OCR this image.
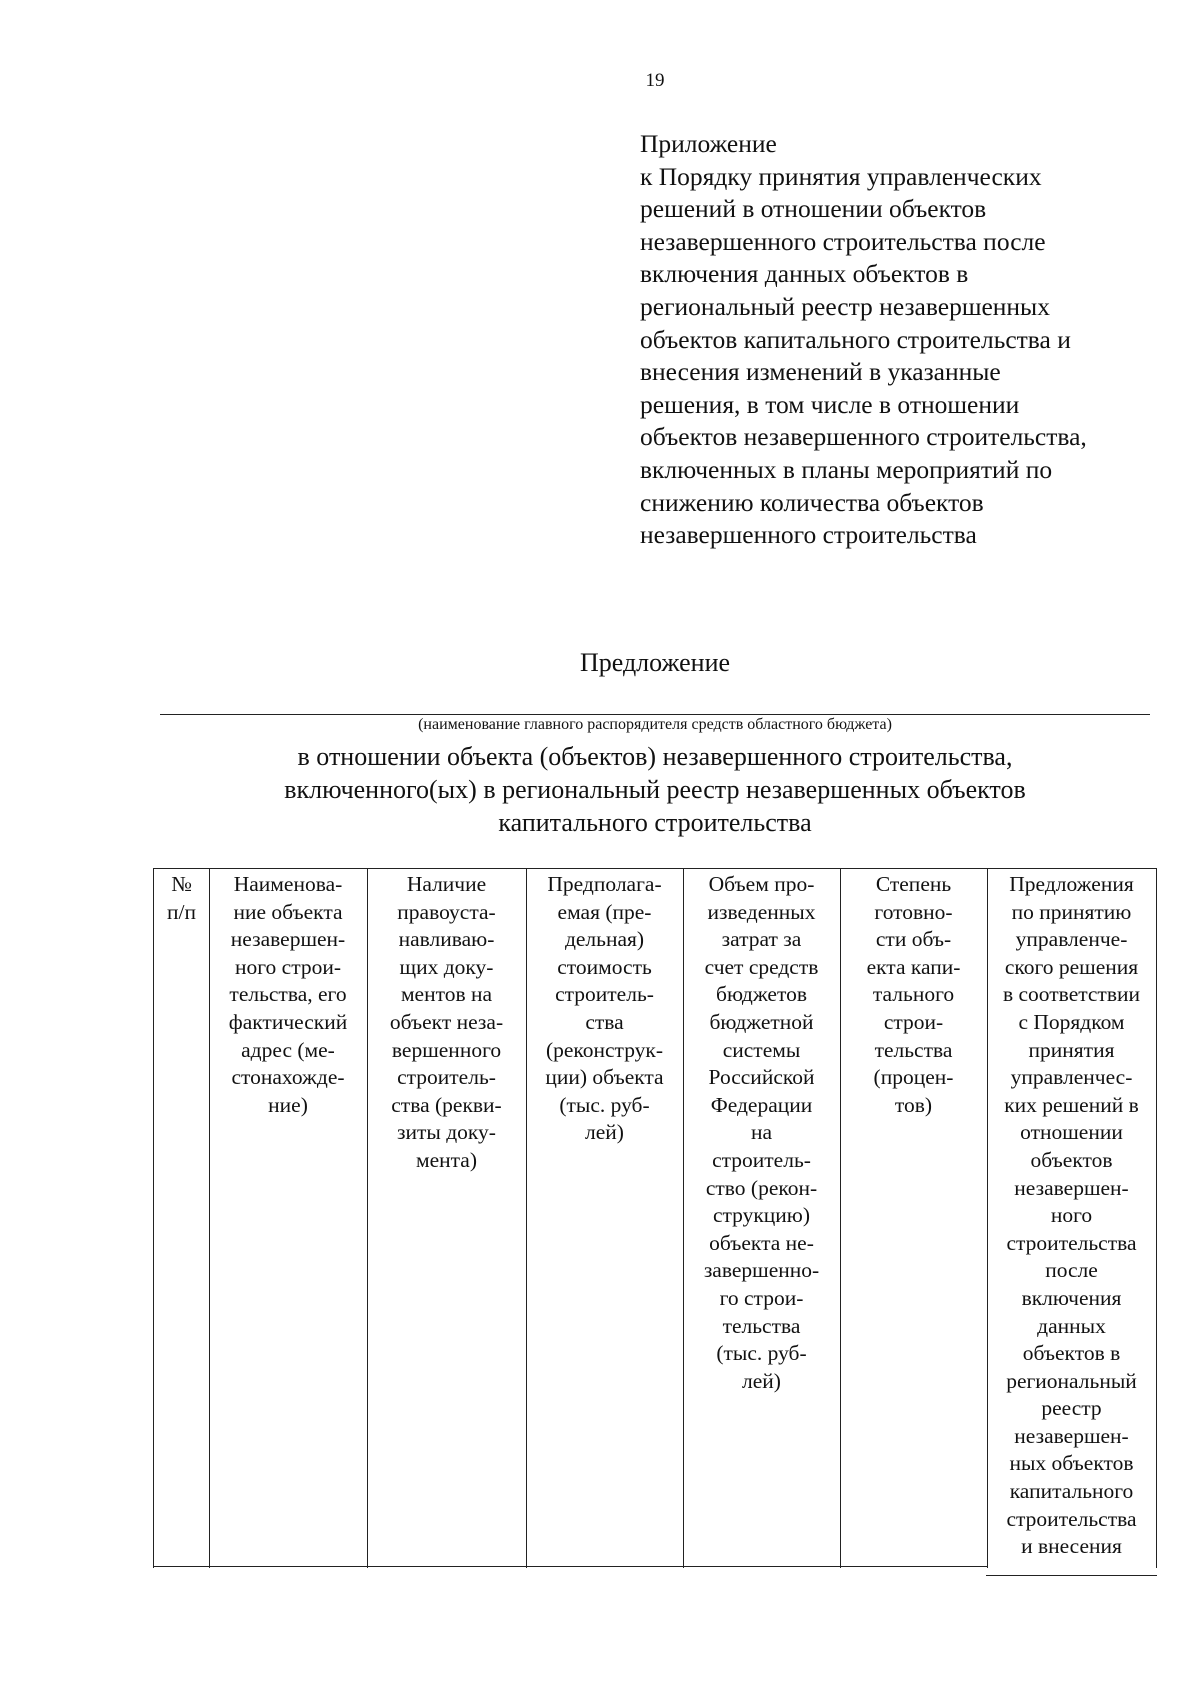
19
Приложение
к Порядку принятия управленческих
решений в отношении объектов
незавершенного строительства после
включения данных объектов в
региональный реестр незавершенных
объектов капитального строительства и
внесения изменений в указанные
решения, в том числе в отношении
объектов незавершенного строительства,
включенных в планы мероприятий по
снижению количества объектов
незавершенного строительства
Предложение
(наименование главного распорядителя средств областного бюджета)
в отношении объекта (объектов) незавершенного строительства,
включенного(ых) в региональный реестр незавершенных объектов
капитального строительства
№
п/п
Наименова-
ние объекта
незавершен-
ного строи-
тельства, его
фактический
адрес (ме-
стонахожде-
ние)
Наличие
правоуста-
навливаю-
щих доку-
ментов на
объект неза-
вершенного
строитель-
ства (рекви-
зиты доку-
мента)
Предполага-
емая (пре-
дельная)
стоимость
строитель-
ства
(реконструк-
ции) объекта
(тыс. руб-
лей)
Объем про-
изведенных
затрат за
счет средств
бюджетов
бюджетной
системы
Российской
Федерации
на
строитель-
ство (рекон-
струкцию)
объекта не-
завершенно-
го строи-
тельства
(тыс. руб-
лей)
Степень
готовно-
сти объ-
екта капи-
тального
строи-
тельства
(процен-
тов)
Предложения
по принятию
управленче-
ского решения
в соответствии
с Порядком
принятия
управленчес-
ких решений в
отношении
объектов
незавершен-
ного
строительства
после
включения
данных
объектов в
региональный
реестр
незавершен-
ных объектов
капитального
строительства
и внесения
